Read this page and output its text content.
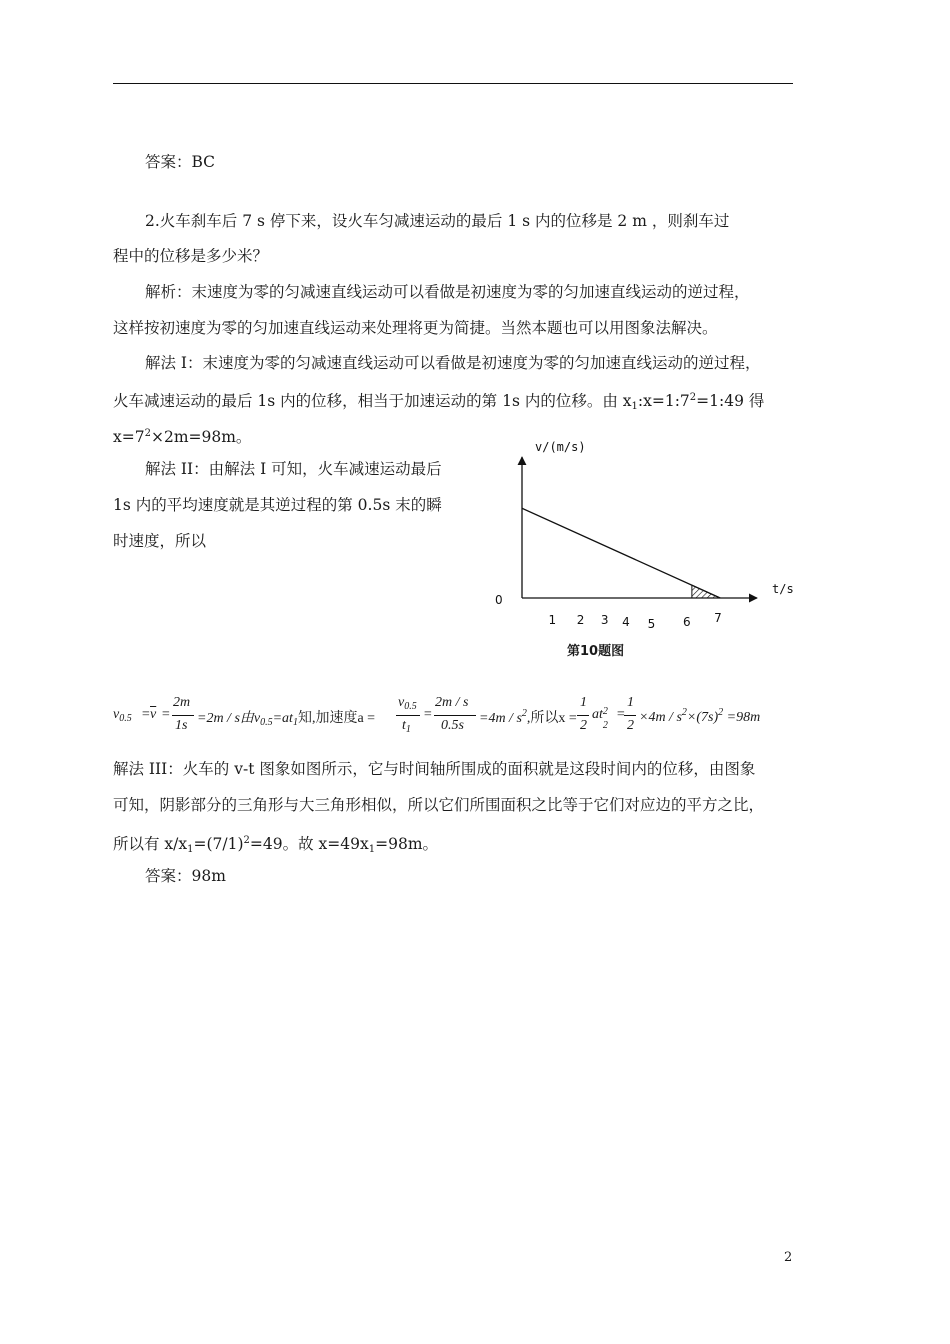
答案：BC
2.火车刹车后 7 s 停下来，设火车匀减速运动的最后 1 s 内的位移是 2 m ，则刹车过
程中的位移是多少米？
解析：末速度为零的匀减速直线运动可以看做是初速度为零的匀加速直线运动的逆过程，
这样按初速度为零的匀加速直线运动来处理将更为简捷。当然本题也可以用图象法解决。
解法 I：末速度为零的匀减速直线运动可以看做是初速度为零的匀加速直线运动的逆过程，
火车减速运动的最后 1s 内的位移，相当于加速运动的第 1s 内的位移。由 $x_1:x=1:7^2=1:49$ 得
$x=7^2\times 2m=98m$。
解法 II：由解法 I 可知，火车减速运动最后
1s 内的平均速度就是其逆过程的第 0.5s 末的瞬
时速度，所以
1 2 3 4 5 6 7
0
v/(m/s)
t/s
第10题图
$v_{0.5} = \overline{v}$ =
2m
1s =2m / s由$v_{0.5}=at_1$知,加速度a =
$v_{0.5}$
$t_1$
=
2m / s
$0.5s =4m / s^2$,所以x =
1
2
at 2
2
=
1
2
$\times 4m / s^2\times(7s)^2 =98m$
解法 III：火车的 v-t 图象如图所示，它与时间轴所围成的面积就是这段时间内的位移，由图象
可知，阴影部分的三角形与大三角形相似，所以它们所围面积之比等于它们对应边的平方之比，
所以有 $x/x_1=(7/1)^2=49$。故 $x=49x_1=98m$。
答案：98m
2
